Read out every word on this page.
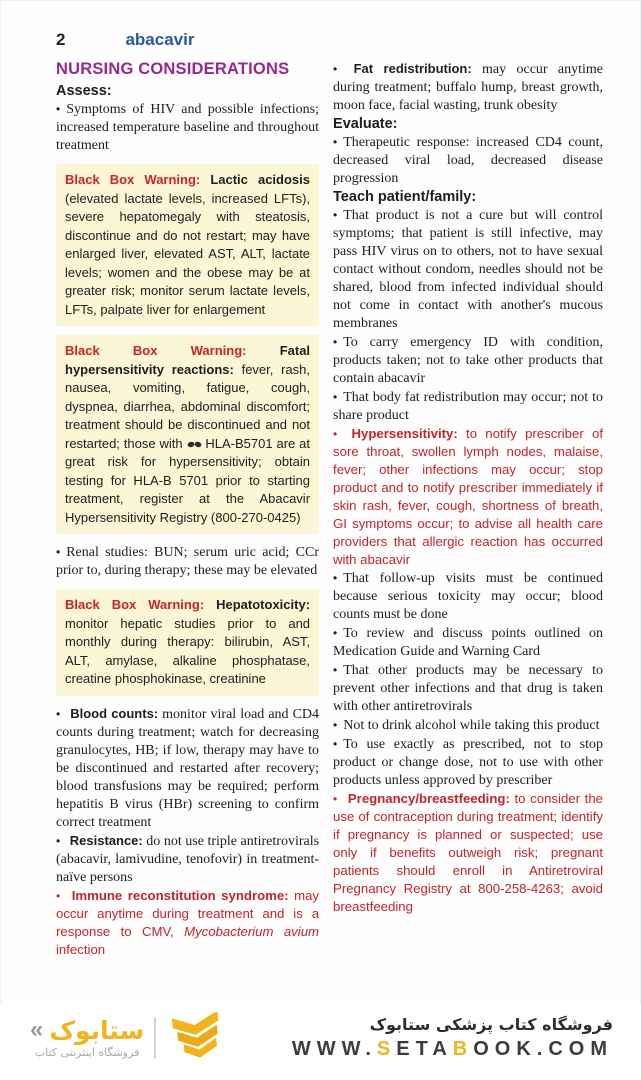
2	abacavir
NURSING CONSIDERATIONS
Assess:

• Symptoms of HIV and possible infections; increased temperature baseline and throughout treatment

Black Box Warning: Lactic acidosis (elevated lactate levels, increased LFTs), severe hepatomegaly with steatosis, discontinue and do not restart; may have enlarged liver, elevated AST, ALT, lactate levels; women and the obese may be at greater risk; monitor serum lactate levels, LFTs, palpate liver for enlargement
Black Box Warning:	Fatal hypersensitivity reactions: fever, rash, nausea, vomiting, fatigue, cough, dyspnea, diarrhea, abdominal discomfort; treatment should be discontinued and not restarted; those with HLA-B5701 are at great risk for hypersensitivity; obtain testing for HLA-B 5701 prior to starting treatment, register at the Abacavir Hypersensitivity Registry (800-270-0425)

• Renal studies: BUN; serum uric acid; CCr prior to, during therapy; these may be elevated

Black Box Warning: Hepatotoxicity: monitor hepatic studies prior to and monthly during therapy: bilirubin, AST, ALT, amylase, alkaline phosphatase, creatine phosphokinase, creatinine

• Blood counts: monitor viral load and CD4 counts during treatment; watch for decreasing granulocytes, HB; if low, therapy may have to be discontinued and restarted after recovery; blood transfusions may be required; perform hepatitis B virus (HBr) screening to confirm correct treatment

• Resistance: do not use triple antiretrovirals (abacavir, lamivudine, tenofovir) in treatment-naïve persons

• Immune reconstitution syndrome: may occur anytime during treatment and is a response to CMV, Mycobacterium avium infection

• Fat redistribution: may occur anytime during treatment; buffalo hump, breast growth, moon face, facial wasting, trunk obesity

Evaluate:

• Therapeutic response: increased CD4 count, decreased viral load, decreased disease progression

Teach patient/family:

• That product is not a cure but will control symptoms; that patient is still infective, may pass HIV virus on to others, not to have sexual contact without condom, needles should not be shared, blood from infected individual should not come in contact with another's mucous membranes

• To carry emergency ID with condition, products taken; not to take other products that contain abacavir

• That body fat redistribution may occur; not to share product

• Hypersensitivity: to notify prescriber of sore throat, swollen lymph nodes, malaise, fever; other infections may occur; stop product and to notify prescriber immediately if skin rash, fever, cough, shortness of breath, GI symptoms occur; to advise all health care providers that allergic reaction has occurred with abacavir

• That follow-up visits must be continued because serious toxicity may occur; blood counts must be done

• To review and discuss points outlined on Medication Guide and Warning Card

• That other products may be necessary to prevent other infections and that drug is taken with other antiretrovirals

• Not to drink alcohol while taking this product

• To use exactly as prescribed, not to stop product or change dose, not to use with other products unless approved by prescriber

• Pregnancy/breastfeeding: to consider the use of contraception during treatment; identify if pregnancy is planned or suspected; use only if benefits outweigh risk; pregnant patients should enroll in Antiretroviral Pregnancy Registry at 800-258-4263; avoid breastfeeding

« ستابوک
فروشگاه اینترنتی کتاب
فروشگاه کتاب پزشکی ستابوک
WWW.SETABOOK.COM
